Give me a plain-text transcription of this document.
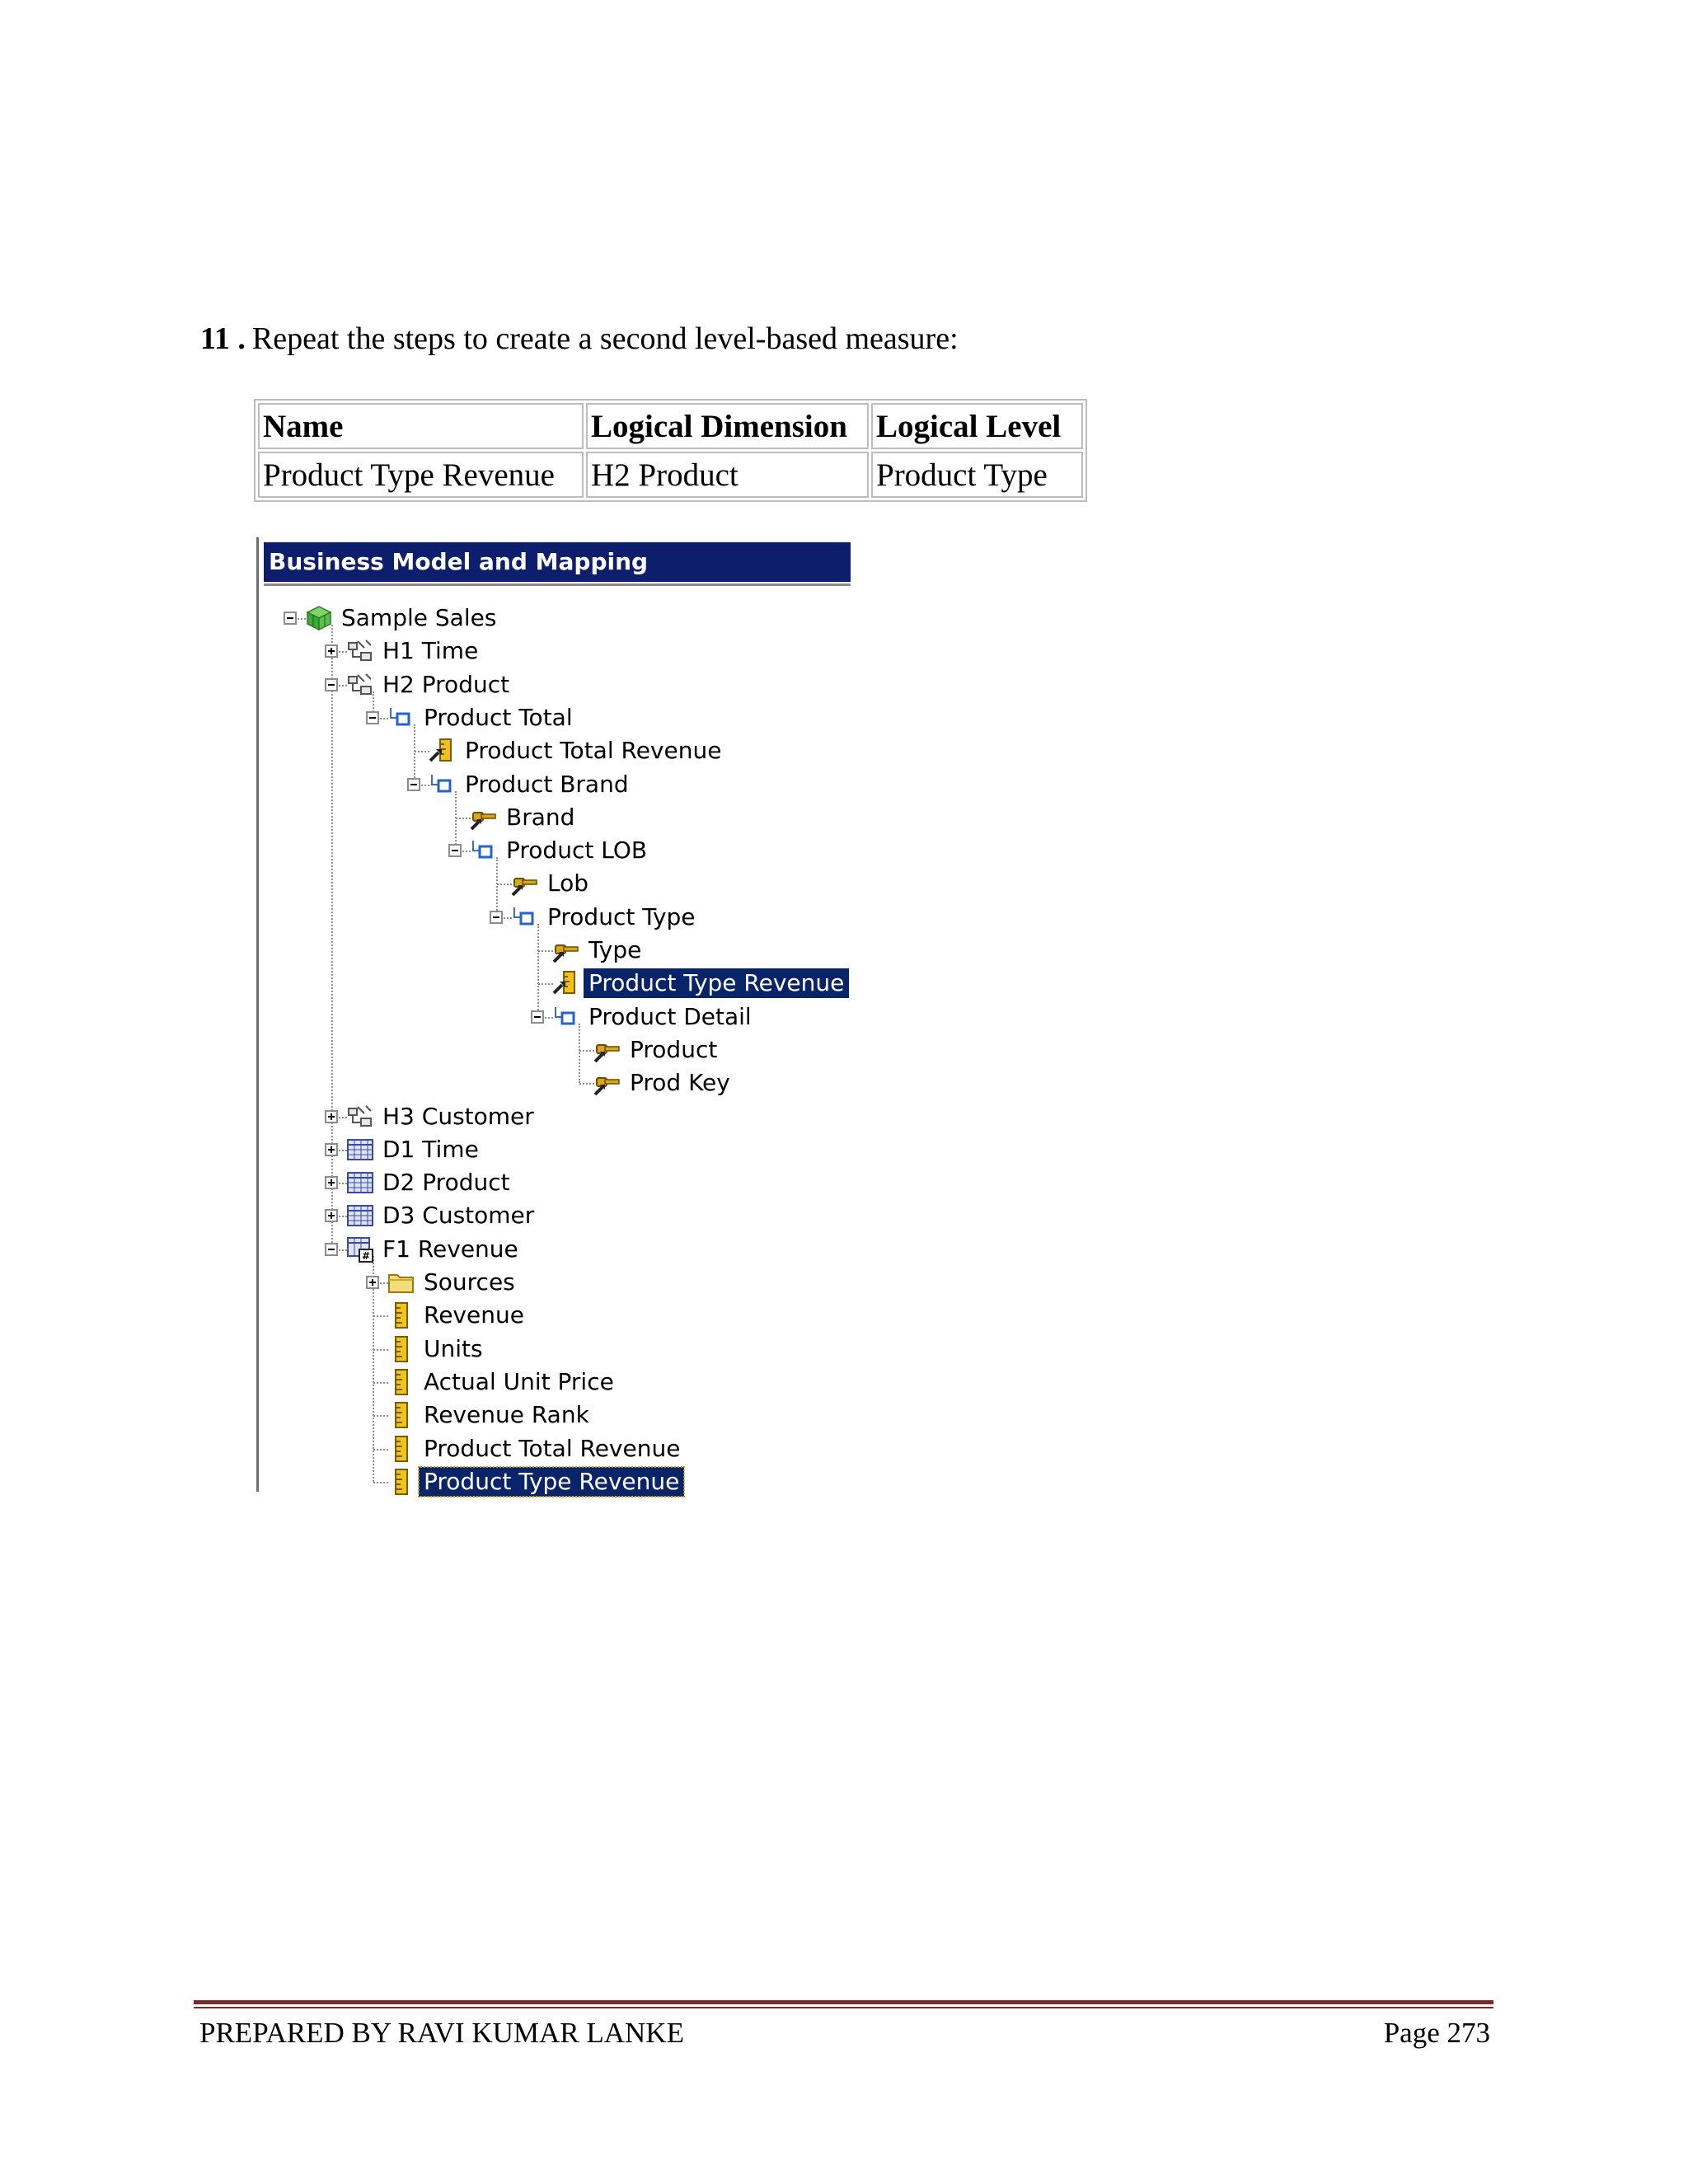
11 . Repeat the steps to create a second level-based measure:
Name	Logical Dimension	Logical Level
Product Type Revenue	H2 Product	Product Type
Business Model and Mapping
Sample Sales
H1 Time
H2 Product
Product Total
Product Total Revenue
Product Brand
Brand
Product LOB
Lob
Product Type
Type
Product Type Revenue
Product Detail
Product
Prod Key
H3 Customer
D1 Time
D2 Product
D3 Customer
# F1 Revenue
Sources
Revenue
Units
Actual Unit Price
Revenue Rank
Product Total Revenue
Product Type Revenue
PREPARED BY RAVI KUMAR LANKE	Page 273
